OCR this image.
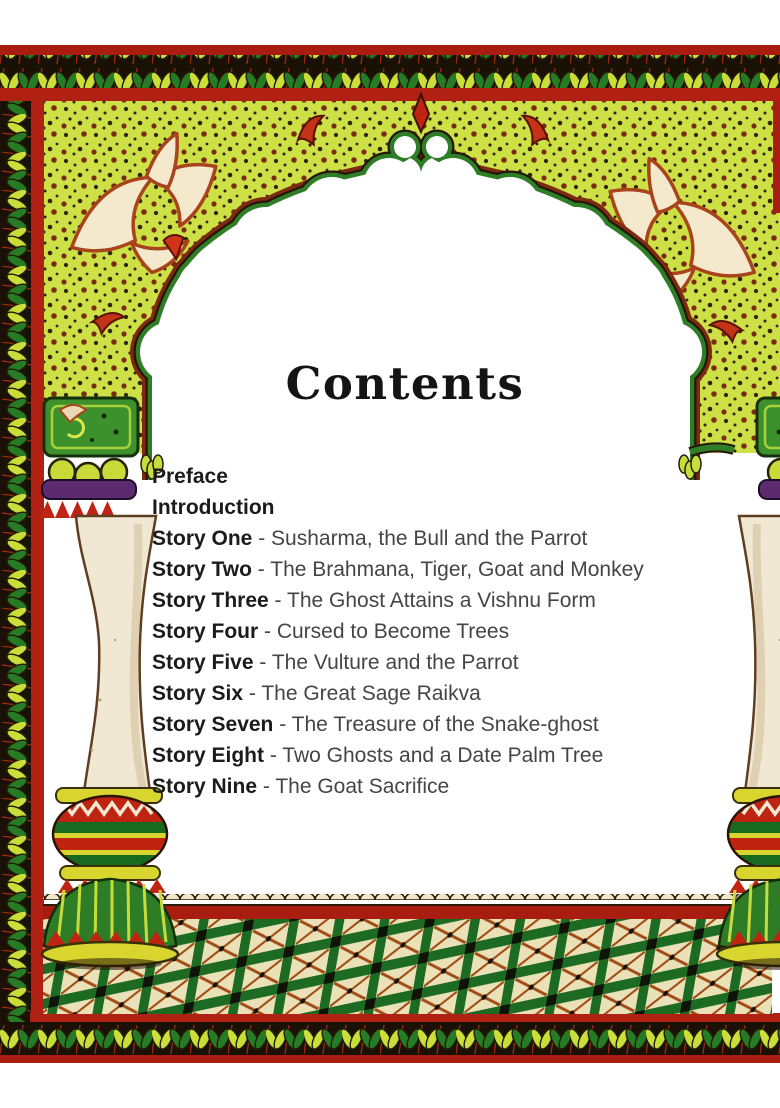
Contents
Preface
Introduction
Story One - Susharma, the Bull and the Parrot
Story Two - The Brahmana, Tiger, Goat and Monkey
Story Three - The Ghost Attains a Vishnu Form
Story Four - Cursed to Become Trees
Story Five - The Vulture and the Parrot
Story Six - The Great Sage Raikva
Story Seven - The Treasure of the Snake-ghost
Story Eight - Two Ghosts and a Date Palm Tree
Story Nine - The Goat Sacrifice
